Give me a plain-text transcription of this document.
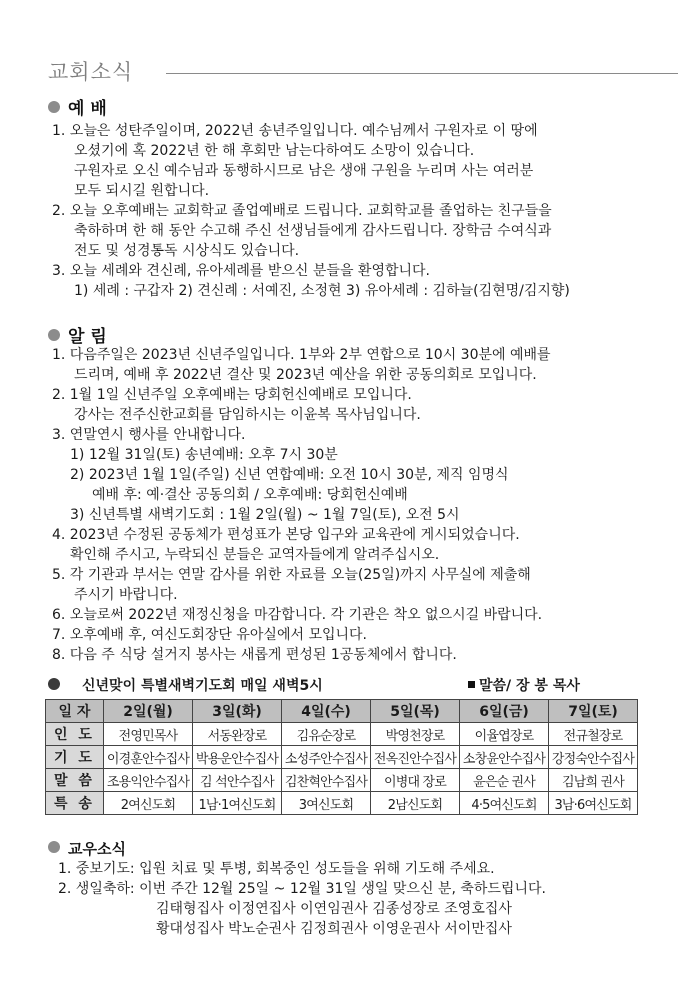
교회소식
예 배
1. 오늘은 성탄주일이며, 2022년 송년주일입니다. 예수님께서 구원자로 이 땅에
오셨기에 혹 2022년 한 해 후회만 남는다하여도 소망이 있습니다.
구원자로 오신 예수님과 동행하시므로 남은 생애 구원을 누리며 사는 여러분
모두 되시길 원합니다.
2. 오늘 오후예배는 교회학교 졸업예배로 드립니다. 교회학교를 졸업하는 친구들을
축하하며 한 해 동안 수고해 주신 선생님들에게 감사드립니다. 장학금 수여식과
전도 및 성경통독 시상식도 있습니다.
3. 오늘 세례와 견신례, 유아세례를 받으신 분들을 환영합니다.
1) 세례 : 구갑자 2) 견신례 : 서예진, 소정현 3) 유아세례 : 김하늘(김현명/김지향)
알 림
1. 다음주일은 2023년 신년주일입니다. 1부와 2부 연합으로 10시 30분에 예배를
드리며, 예배 후 2022년 결산 및 2023년 예산을 위한 공동의회로 모입니다.
2. 1월 1일 신년주일 오후예배는 당회헌신예배로 모입니다.
강사는 전주신한교회를 담임하시는 이윤복 목사님입니다.
3. 연말연시 행사를 안내합니다.
1) 12월 31일(토) 송년예배: 오후 7시 30분
2) 2023년 1월 1일(주일) 신년 연합예배: 오전 10시 30분, 제직 임명식
예배 후: 예·결산 공동의회 / 오후예배: 당회헌신예배
3) 신년특별 새벽기도회 : 1월 2일(월) ~ 1월 7일(토), 오전 5시
4. 2023년 수정된 공동체가 편성표가 본당 입구와 교육관에 게시되었습니다.
확인해 주시고, 누락되신 분들은 교역자들에게 알려주십시오.
5. 각 기관과 부서는 연말 감사를 위한 자료를 오늘(25일)까지 사무실에 제출해
주시기 바랍니다.
6. 오늘로써 2022년 재정신청을 마감합니다. 각 기관은 착오 없으시길 바랍니다.
7. 오후예배 후, 여신도회장단 유아실에서 모입니다.
8. 다음 주 식당 설거지 봉사는 새롭게 편성된 1공동체에서 합니다.
신년맞이 특별새벽기도회 매일 새벽5시	말씀/ 장 봉 목사
일 자	2일(월)	3일(화)	4일(수)	5일(목)	6일(금)	7일(토)
인 도	전영민목사	서동완장로	김유순장로	박영천장로	이율엽장로	전규철장로
기 도	이경훈안수집사	박용운안수집사	소성주안수집사	전옥진안수집사	소창윤안수집사	강정숙안수집사
말 씀	조용익안수집사	김 석안수집사	김찬혁안수집사	이병대 장로	윤은순 권사	김남희 권사
특 송	2여신도회	1남·1여신도회	3여신도회	2남신도회	4·5여신도회	3남·6여신도회
교우소식
1. 중보기도: 입원 치료 및 투병, 회복중인 성도들을 위해 기도해 주세요.
2. 생일축하: 이번 주간 12월 25일 ~ 12월 31일 생일 맞으신 분, 축하드립니다.
김태형집사 이정연집사 이연임권사 김종성장로 조영호집사
황대성집사 박노순권사 김정희권사 이영운권사 서이만집사
